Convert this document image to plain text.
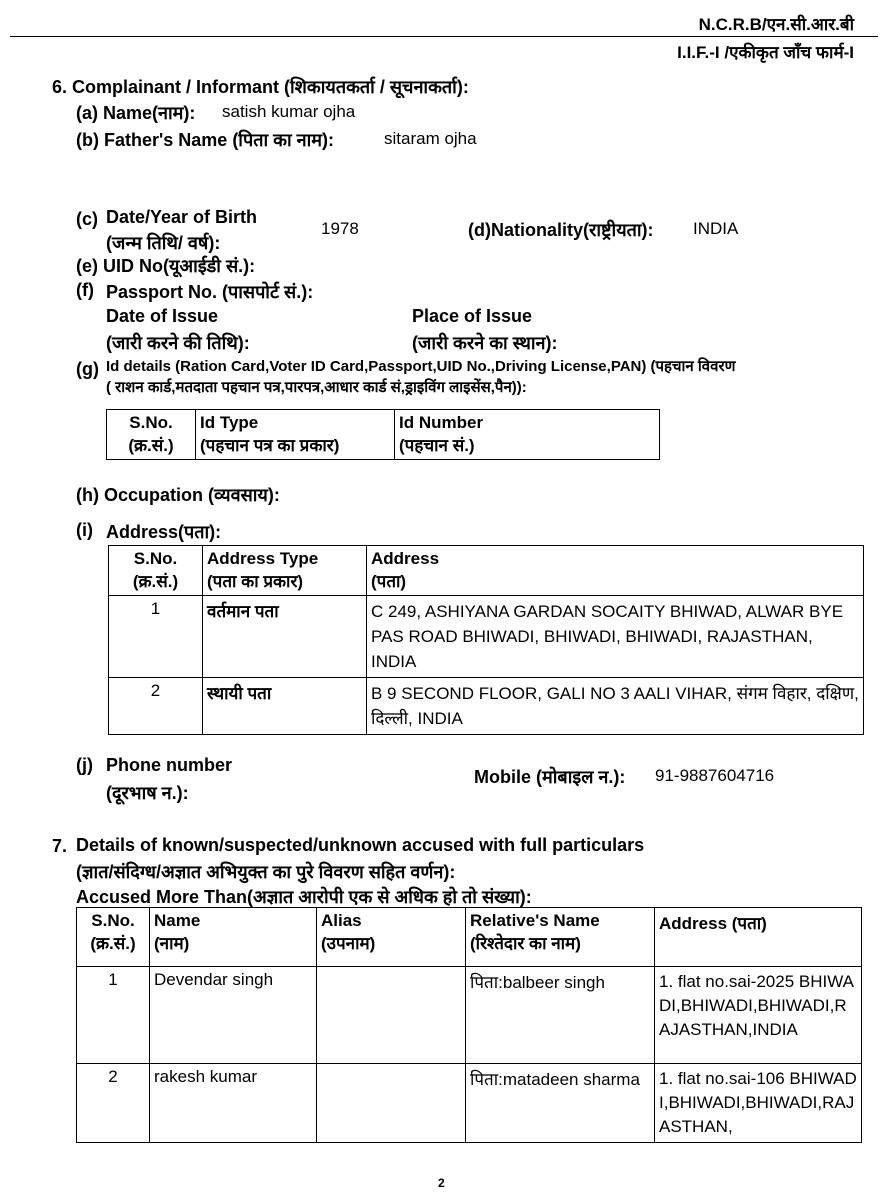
N.C.R.B/एन.सी.आर.बी
I.I.F.-I /एकीकृत जाँच फार्म-I
6. Complainant / Informant (शिकायतकर्ता / सूचनाकर्ता):
(a) Name(नाम): satish kumar ojha
(b) Father's Name (पिता का नाम):	sitaram ojha
(c) Date/Year of Birth
(जन्म तिथि/ वर्ष):
1978	(d)Nationality(राष्ट्रीयता): INDIA
(e) UID No(यूआईडी सं.):
(f) Passport No. (पासपोर्ट सं.):
Date of Issue
(जारी करने की तिथि):
Place of Issue
(जारी करने का स्थान):
(g) Id details (Ration Card,Voter ID Card,Passport,UID No.,Driving License,PAN) (पहचान विवरण
( राशन कार्ड,मतदाता पहचान पत्र,पारपत्र,आधार कार्ड सं,ड्राइविंग लाइसेंस,पैन)):
S.No.
(क्र.सं.)	Id Type
(पहचान पत्र का प्रकार)	Id Number
(पहचान सं.)
(h) Occupation (व्यवसाय):
(i) Address(पता):
S.No.
(क्र.सं.)	Address Type
(पता का प्रकार)	Address
(पता)
1	वर्तमान पता	C 249, ASHIYANA GARDAN SOCAITY BHIWAD, ALWAR BYE PAS ROAD BHIWADI, BHIWADI, BHIWADI, RAJASTHAN, INDIA
2	स्थायी पता	B 9 SECOND FLOOR, GALI NO 3 AALI VIHAR, संगम विहार, दक्षिण, दिल्ली, INDIA
(j) Phone number
(दूरभाष न.):
Mobile (मोबाइल न.): 91-9887604716
7. Details of known/suspected/unknown accused with full particulars
(ज्ञात/संदिग्ध/अज्ञात अभियुक्त का पुरे विवरण सहित वर्णन):
Accused More Than(अज्ञात आरोपी एक से अधिक हो तो संख्या):
S.No.
(क्र.सं.)	Name
(नाम)	Alias
(उपनाम)	Relative's Name
(रिश्तेदार का नाम)	Address (पता)
1	Devendar singh		पिता:balbeer singh	1. flat no.sai-2025 BHIWADI,BHIWADI,BHIWADI,RAJASTHAN,INDIA
2	rakesh kumar		पिता:matadeen sharma	1. flat no.sai-106 BHIWADI,BHIWADI,BHIWADI,RAJASTHAN,
2
